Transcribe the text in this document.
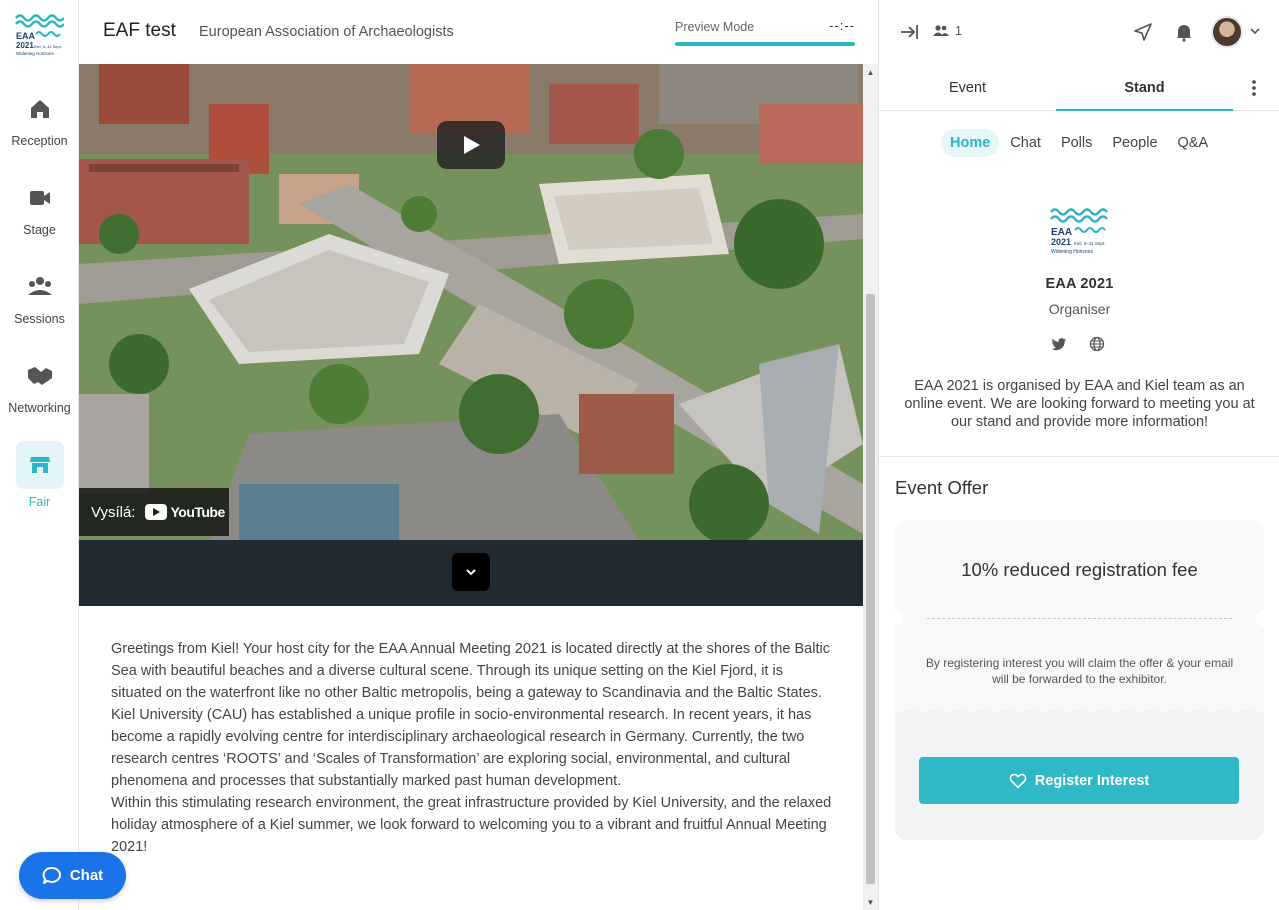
EAA
2021 Kiel, 6–11 Sept.
Widening Horizons
Reception
Stage
Sessions
Networking
Fair
EAF test European Association of Archaeologists	Preview Mode	--:--
Vysílá:	YouTube

Greetings from Kiel! Your host city for the EAA Annual Meeting 2021 is located directly at the shores of the Baltic Sea with beautiful beaches and a diverse cultural scene. Through its unique setting on the Kiel Fjord, it is situated on the waterfront like no other Baltic metropolis, being a gateway to Scandinavia and the Baltic States.

Kiel University (CAU) has established a unique profile in socio-environmental research. In recent years, it has become a rapidly evolving centre for interdisciplinary archaeological research in Germany. Currently, the two research centres ‘ROOTS’ and ‘Scales of Transformation’ are exploring social, environmental, and cultural phenomena and processes that substantially marked past human development.

Within this stimulating research environment, the great infrastructure provided by Kiel University, and the relaxed holiday atmosphere of a Kiel summer, we look forward to welcoming you to a vibrant and fruitful Annual Meeting 2021!

▲
▼
1
Event	Stand
Home	Chat	Polls	People	Q&A
EAA
2021 Kiel, 6–11 Sept.
Widening Horizons
EAA 2021
Organiser
EAA 2021 is organised by EAA and Kiel team as an online event. We are looking forward to meeting you at our stand and provide more information!
Event Offer
10% reduced registration fee
By registering interest you will claim the offer & your email will be forwarded to the exhibitor.
Register Interest
Chat
